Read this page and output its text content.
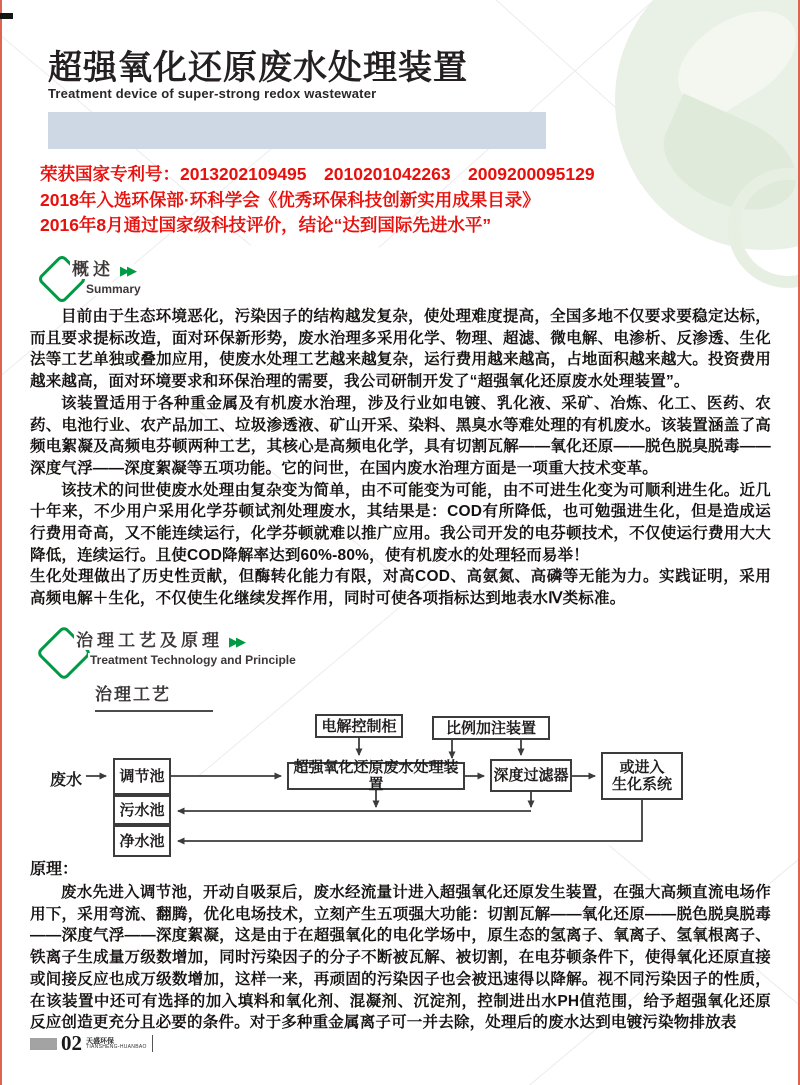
超强氧化还原废水处理装置
Treatment device of super-strong redox wastewater
荣获国家专利号：2013202109495　2010201042263　2009200095129
2018年入选环保部·环科学会《优秀环保科技创新实用成果目录》
2016年8月通过国家级科技评价，结论“达到国际先进水平”
概述 ▶▶
Summary

目前由于生态环境恶化，污染因子的结构越发复杂，使处理难度提高，全国多地不仅要求要稳定达标，而且要求提标改造，面对环保新形势，废水治理多采用化学、物理、超滤、微电解、电渗析、反渗透、生化法等工艺单独或叠加应用，使废水处理工艺越来越复杂，运行费用越来越高，占地面积越来越大。投资费用越来越高，面对环境要求和环保治理的需要，我公司研制开发了“超强氧化还原废水处理装置”。

该装置适用于各种重金属及有机废水治理，涉及行业如电镀、乳化液、采矿、冶炼、化工、医药、农药、电池行业、农产品加工、垃圾渗透液、矿山开采、染料、黑臭水等难处理的有机废水。该装置涵盖了高频电絮凝及高频电芬顿两种工艺，其核心是高频电化学，具有切割瓦解——氧化还原——脱色脱臭脱毒——深度气浮——深度絮凝等五项功能。它的问世，在国内废水治理方面是一项重大技术变革。

该技术的问世使废水处理由复杂变为简单，由不可能变为可能，由不可进生化变为可顺利进生化。近几十年来，不少用户采用化学芬顿试剂处理废水，其结果是：COD有所降低，也可勉强进生化，但是造成运行费用奇高，又不能连续运行，化学芬顿就难以推广应用。我公司开发的电芬顿技术，不仅使运行费用大大降低，连续运行。且使COD降解率达到60%-80%，使有机废水的处理轻而易举！

生化处理做出了历史性贡献，但酶转化能力有限，对高COD、高氨氮、高磷等无能为力。实践证明，采用高频电解＋生化，不仅使生化继续发挥作用，同时可使各项指标达到地表水Ⅳ类标准。

治理工艺及原理 ▶▶
Treatment Technology and Principle
治理工艺
废水
电解控制柜	比例加注装置
调节池
超强氧化还原废水处理装置
深度过滤器	或进入
生化系统
污水池
净水池

原理：

废水先进入调节池，开动自吸泵后，废水经流量计进入超强氧化还原发生装置，在强大高频直流电场作用下，采用弯流、翻腾，优化电场技术，立刻产生五项强大功能：切割瓦解——氧化还原——脱色脱臭脱毒——深度气浮——深度絮凝，这是由于在超强氧化的电化学场中，原生态的氢离子、氧离子、氢氧根离子、铁离子生成量万级数增加，同时污染因子的分子不断被瓦解、被切割，在电芬顿条件下，使得氧化还原直接或间接反应也成万级数增加，这样一来，再顽固的污染因子也会被迅速得以降解。视不同污染因子的性质，在该装置中还可有选择的加入填料和氧化剂、混凝剂、沉淀剂，控制进出水PH值范围，给予超强氧化还原反应创造更充分且必要的条件。对于多种重金属离子可一并去除，处理后的废水达到电镀污染物排放表

02 天盛环保
TIANSHENG-HUANBAO
